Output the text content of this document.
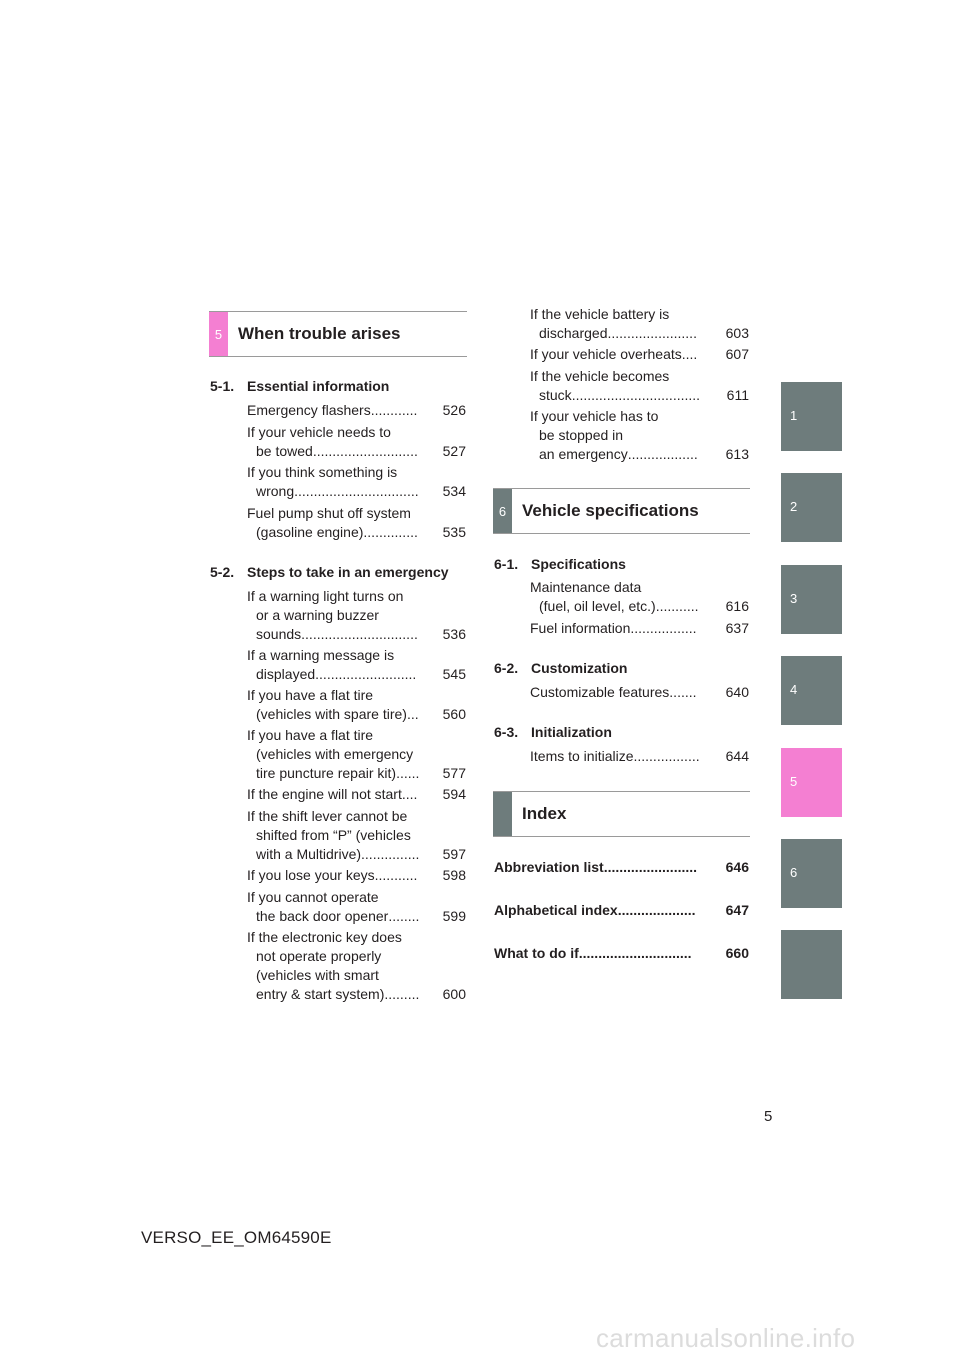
5 When trouble arises
5-1. Essential information
Emergency flashers............ 526
If your vehicle needs to
be towed........................... 527
If you think something is
wrong................................ 534
Fuel pump shut off system
(gasoline engine).............. 535
5-2. Steps to take in an emergency
If a warning light turns on
or a warning buzzer
sounds.............................. 536
If a warning message is
displayed.......................... 545
If you have a flat tire
(vehicles with spare tire)... 560
If you have a flat tire
(vehicles with emergency
tire puncture repair kit)...... 577
If the engine will not start.... 594
If the shift lever cannot be
shifted from “P” (vehicles
with a Multidrive)............... 597
If you lose your keys........... 598
If you cannot operate
the back door opener........ 599
If the electronic key does
not operate properly
(vehicles with smart
entry & start system)......... 600
If the vehicle battery is
discharged....................... 603
If your vehicle overheats.... 607
If the vehicle becomes
stuck................................. 611
If your vehicle has to
be stopped in
an emergency.................. 613
6 Vehicle specifications
6-1. Specifications
Maintenance data
(fuel, oil level, etc.)........... 616
Fuel information................. 637
6-2. Customization
Customizable features....... 640
6-3. Initialization
Items to initialize................. 644
Index
Abbreviation list........................ 646
Alphabetical index.................... 647
What to do if............................. 660
1
2
3
4
5
6
5
VERSO_EE_OM64590E
carmanualsonline.info
